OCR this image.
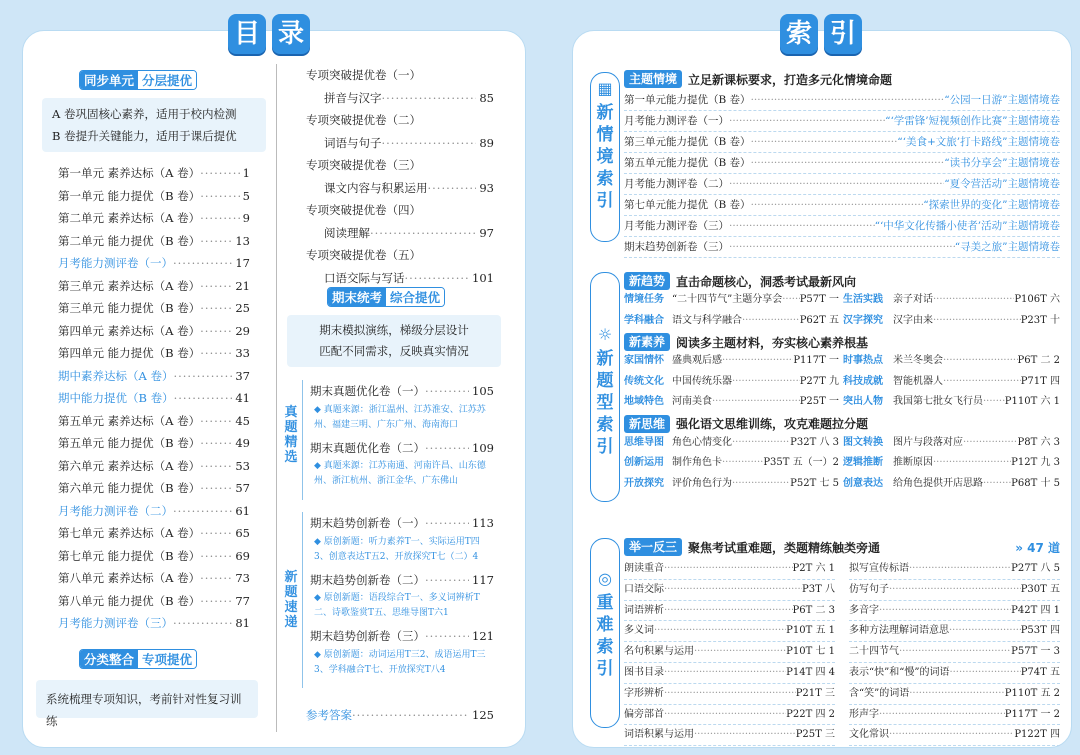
目 录	索 引
同步单元 分层提优
A 卷巩固核心素养，适用于校内检测
B 卷提升关键能力，适用于课后提优
第一单元 素养达标（A 卷） ·····	1
第一单元 能力提优（B 卷） ·····	5
第二单元 素养达标（A 卷） ·····	9
第二单元 能力提优（B 卷） ·····	13
月考能力测评卷（一） ·····	17
第三单元 素养达标（A 卷） ·····	21
第三单元 能力提优（B 卷） ·····	25
第四单元 素养达标（A 卷） ·····	29
第四单元 能力提优（B 卷） ·····	33
期中素养达标（A 卷） ·····	37
期中能力提优（B 卷） ·····	41
第五单元 素养达标（A 卷） ·····	45
第五单元 能力提优（B 卷） ·····	49
第六单元 素养达标（A 卷） ·····	53
第六单元 能力提优（B 卷） ·····	57
月考能力测评卷（二） ·····	61
第七单元 素养达标（A 卷） ·····	65
第七单元 能力提优（B 卷） ·····	69
第八单元 素养达标（A 卷） ·····	73
第八单元 能力提优（B 卷） ·····	77
月考能力测评卷（三） ·····	81
分类整合 专项提优
系统梳理专项知识，考前针对性复习训练
专项突破提优卷（一）
拼音与汉字 ·····	85
专项突破提优卷（二）
词语与句子 ·····	89
专项突破提优卷（三）
课文内容与积累运用 ·····	93
专项突破提优卷（四）
阅读理解 ·····	97
专项突破提优卷（五）
口语交际与写话 ·····	101
期末统考 综合提优
期末模拟演练，梯级分层设计
匹配不同需求，反映真实情况
真题精选
期末真题优化卷（一） ·····	105
◆ 真题来源：浙江温州、江苏淮安、江苏苏州、福建三明、广东广州、海南海口
期末真题优化卷（二） ·····	109
◆ 真题来源：江苏南通、河南许昌、山东德州、浙江杭州、浙江金华、广东佛山
新题速递
期末趋势创新卷（一） ·····	113
◆ 原创新题：听力素养T一、实际运用T四 3、创意表达T五2、开放探究T七（二）4
期末趋势创新卷（二） ·····	117
◆ 原创新题：语段综合T一、多义词辨析T二、诗歌鉴赏T五、思维导图T六1
期末趋势创新卷（三） ·····	121
◆ 原创新题：动词运用T三2、成语运用T三3、学科融合T七、开放探究T八4
参考答案 ·····	125
▦
新情境索引
主题情境 立足新课标要求，打造多元化情境命题
第一单元能力提优（B 卷） ·····	“公园一日游”主题情境卷
月考能力测评卷（一） ·····	“‘学雷锋’短视频创作比赛”主题情境卷
第三单元能力提优（B 卷） ·····	“‘美食+文旅’打卡路线”主题情境卷
第五单元能力提优（B 卷） ·····	“读书分享会”主题情境卷
月考能力测评卷（二） ·····	“夏令营活动”主题情境卷
第七单元能力提优（B 卷） ·····	“探索世界的变化”主题情境卷
月考能力测评卷（三） ·····	“‘中华文化传播小使者’活动”主题情境卷
期末趋势创新卷（三） ·····	“寻美之旅”主题情境卷
☼
新题型索引
新趋势 直击命题核心，洞悉考试最新风向
情境任务 “二十四节气”主题分享会 ····· P57T 一 生活实践	亲子对话 ·····	P106T 六
学科融合 语文与科学融合 ·····	P62T 五 汉字探究	汉字由来 ·····	P23T 十
新素养 阅读多主题材料，夯实核心素养根基
家国情怀 盛典观后感 ·····	P117T 一 时事热点	米兰冬奥会 ·····	P6T 二 2
传统文化 中国传统乐器 ·····	P27T 九 科技成就	智能机器人 ·····	P71T 四
地域特色 河南美食 ·····	P25T 一 突出人物	我国第七批女飞行员 ····· P110T 六 1
新思维 强化语文思维训练，攻克难题拉分题
思维导图 角色心情变化 ·····	P32T 八 3 图文转换	图片与段落对应 ·····	P8T 六 3
创新运用 制作角色卡 ·····	P35T 五（一）2 逻辑推断	推断原因 ·····	P12T 九 3
开放探究 评价角色行为 ·····	P52T 七 5 创意表达	给角色提供开店思路 ·····	P68T 十 5
◎
重难索引
举一反三 聚焦考试重难题，类题精练触类旁通	» 47 道
朗读重音 ·····	P2T 六 1 拟写宣传标语 ·····	P27T 八 5
口语交际 ·····	P3T 八 仿写句子 ·····	P30T 五
词语辨析 ·····	P6T 二 3 多音字 ·····	P42T 四 1
多义词 ·····	P10T 五 1 多种方法理解词语意思 ·····	P53T 四
名句积累与运用 ·····	P10T 七 1 二十四节气 ·····	P57T 一 3
图书目录 ·····	P14T 四 4 表示“快”和“慢”的词语 ·····	P74T 五
字形辨析 ·····	P21T 三 含“笑”的词语 ·····	P110T 五 2
偏旁部首 ·····	P22T 四 2 形声字 ·····	P117T 一 2
词语积累与运用 ·····	P25T 三 文化常识 ·····	P122T 四
